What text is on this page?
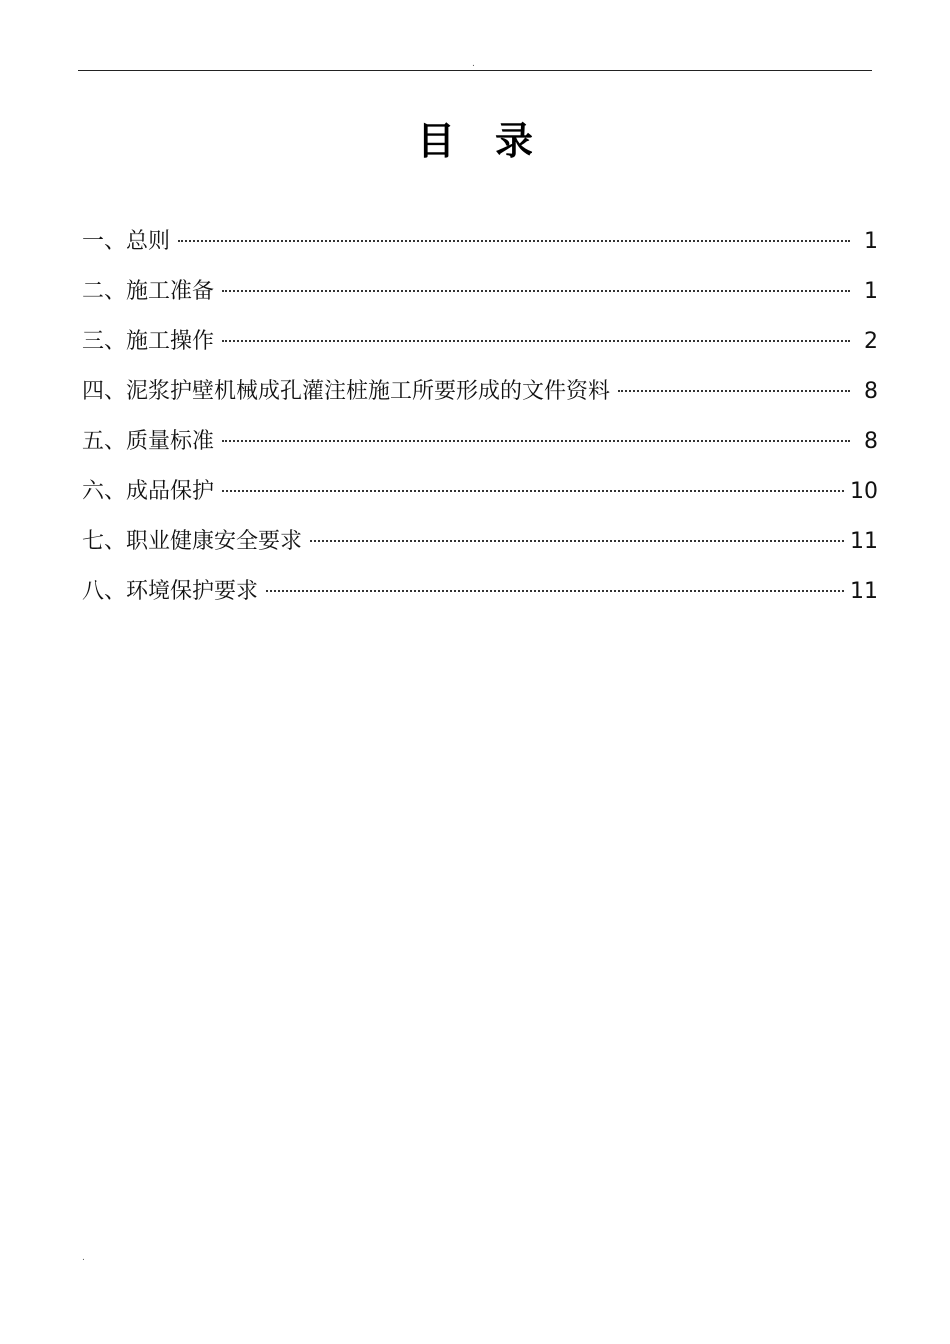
.
目录
一、 总则	1
二、 施工准备	1
三、 施工操作	2
四、 泥浆护壁机械成孔灌注桩施工所要形成的文件资料	8
五、 质量标准	8
六、 成品保护	10
七、 职业健康安全要求	11
八、 环境保护要求	11
.
